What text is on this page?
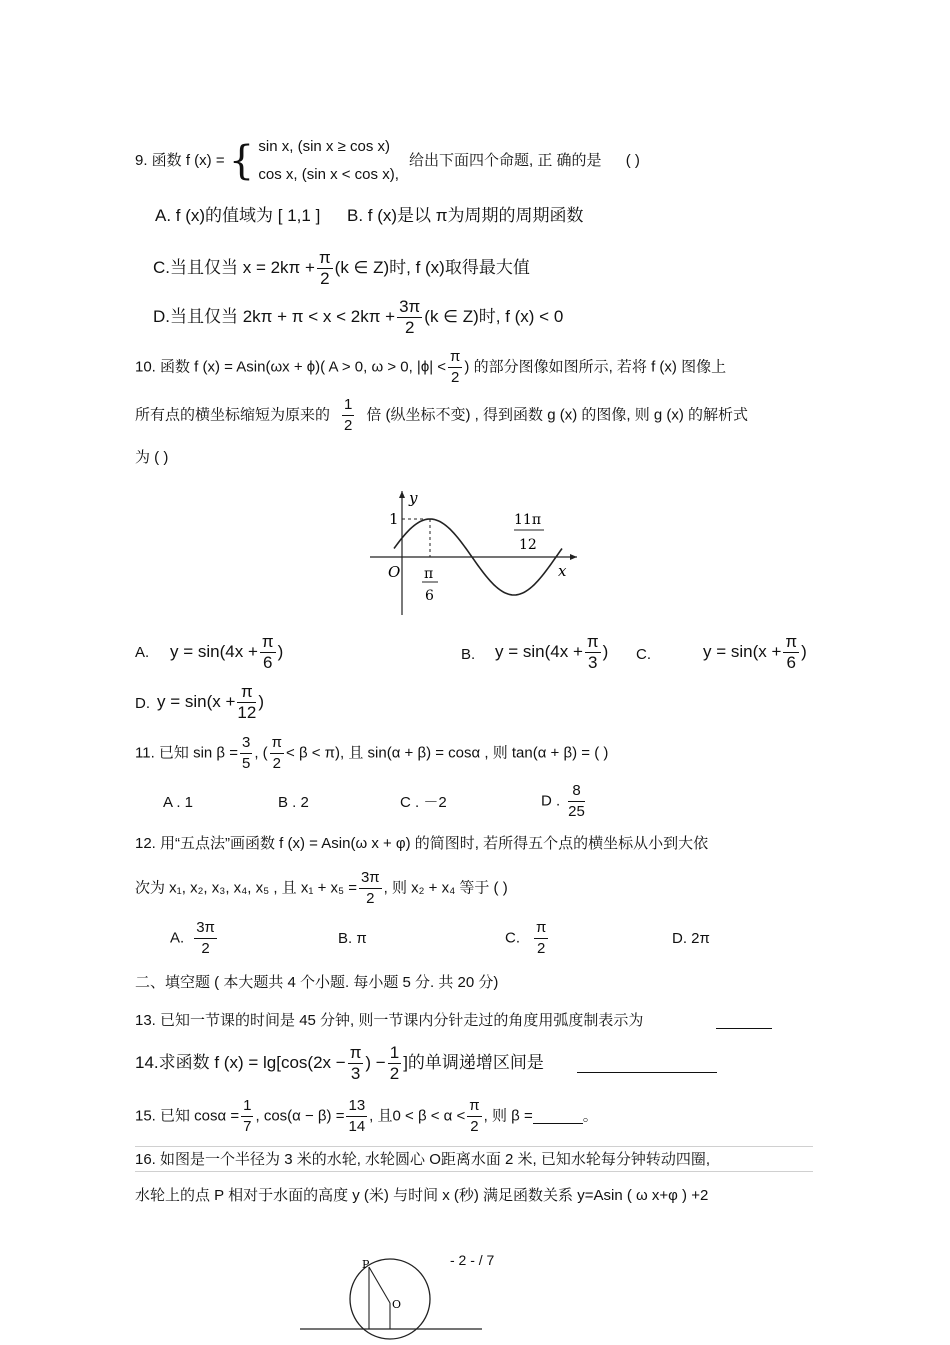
9. 函数 f (x) = { sin x, (sin x ≥ cos x)
cos x, (sin x < cos x),
给出下面四个命题, 正 确的是 ( )
A. f (x)的值域为 [ 1,1 ] B. f (x)是以 π为周期的周期函数
C.当且仅当 $x = 2k\pi + \frac{\pi}{2} (k$ ∈ Z)时, f (x)取得最大值
D.当且仅当 $2k\pi + \pi < x < 2k\pi + \frac{3\pi}{2} (k$ ∈ Z)时, f (x) < 0
10. 函数 f (x) = Asin(ωx + ϕ)( A > 0, ω > 0, $|\phi| < \frac{\pi}{2}$ ) 的部分图像如图所示, 若将 f (x) 图像上
所有点的横坐标缩短为原来的 $\frac{1}{2}$ 倍 (纵坐标不变) , 得到函数 g (x) 的图像, 则 g (x) 的解析式
为 ( )
y
x
O
1
π
6
11π
12
A. $y = \sin(4x + \frac{\pi}{6}$ )	B. $y = \sin(4x + \frac{\pi}{3}$ ) C.	$y = \sin(x + \frac{\pi}{6}$ )
D. $y = \sin(x + \frac{\pi}{12}$ )
11. 已知 $\sin \beta = \frac{3}{5}$ , ( $\frac{\pi}{2} < \beta < \pi$), 且 sin(α + β) = cosα , 则 tan(α + β) = ( )
A . 1	B . 2	C . －2	D . $\frac{8}{25}$
12. 用“五点法”画函数 f (x) = Asin(ω x + φ) 的简图时, 若所得五个点的横坐标从小到大依
次为 x₁, x₂, x₃, x₄, x₅ , 且 $x_1 + x_5 = \frac{3\pi}{2}$ , 则 x₂ + x₄ 等于 ( )
A. $\frac{3\pi}{2}$	B. π	C. $\frac{\pi}{2}$	D. 2π
二、填空题 ( 本大题共 4 个小题. 每小题 5 分. 共 20 分)
13. 已知一节课的时间是 45 分钟, 则一节课内分针走过的角度用弧度制表示为
14.求函数 f $(x) = \lg[\cos(2x - \frac{\pi}{3}$ ) − $\frac{1}{2}$ ]的单调递增区间是
15. 已知 $\cos\alpha = \frac{1}{7}$ , $\cos(\alpha - \beta) = \frac{13}{14}$ , 且$0 < \beta < \alpha < \frac{\pi}{2}$ , 则 β =	。
16. 如图是一个半径为 3 米的水轮, 水轮圆心 O距离水面 2 米, 已知水轮每分钟转动四圈,
水轮上的点 P 相对于水面的高度 y (米) 与时间 x (秒) 满足函数关系 y=Asin ( ω x+φ ) +2
- 2 - / 7
P
O
